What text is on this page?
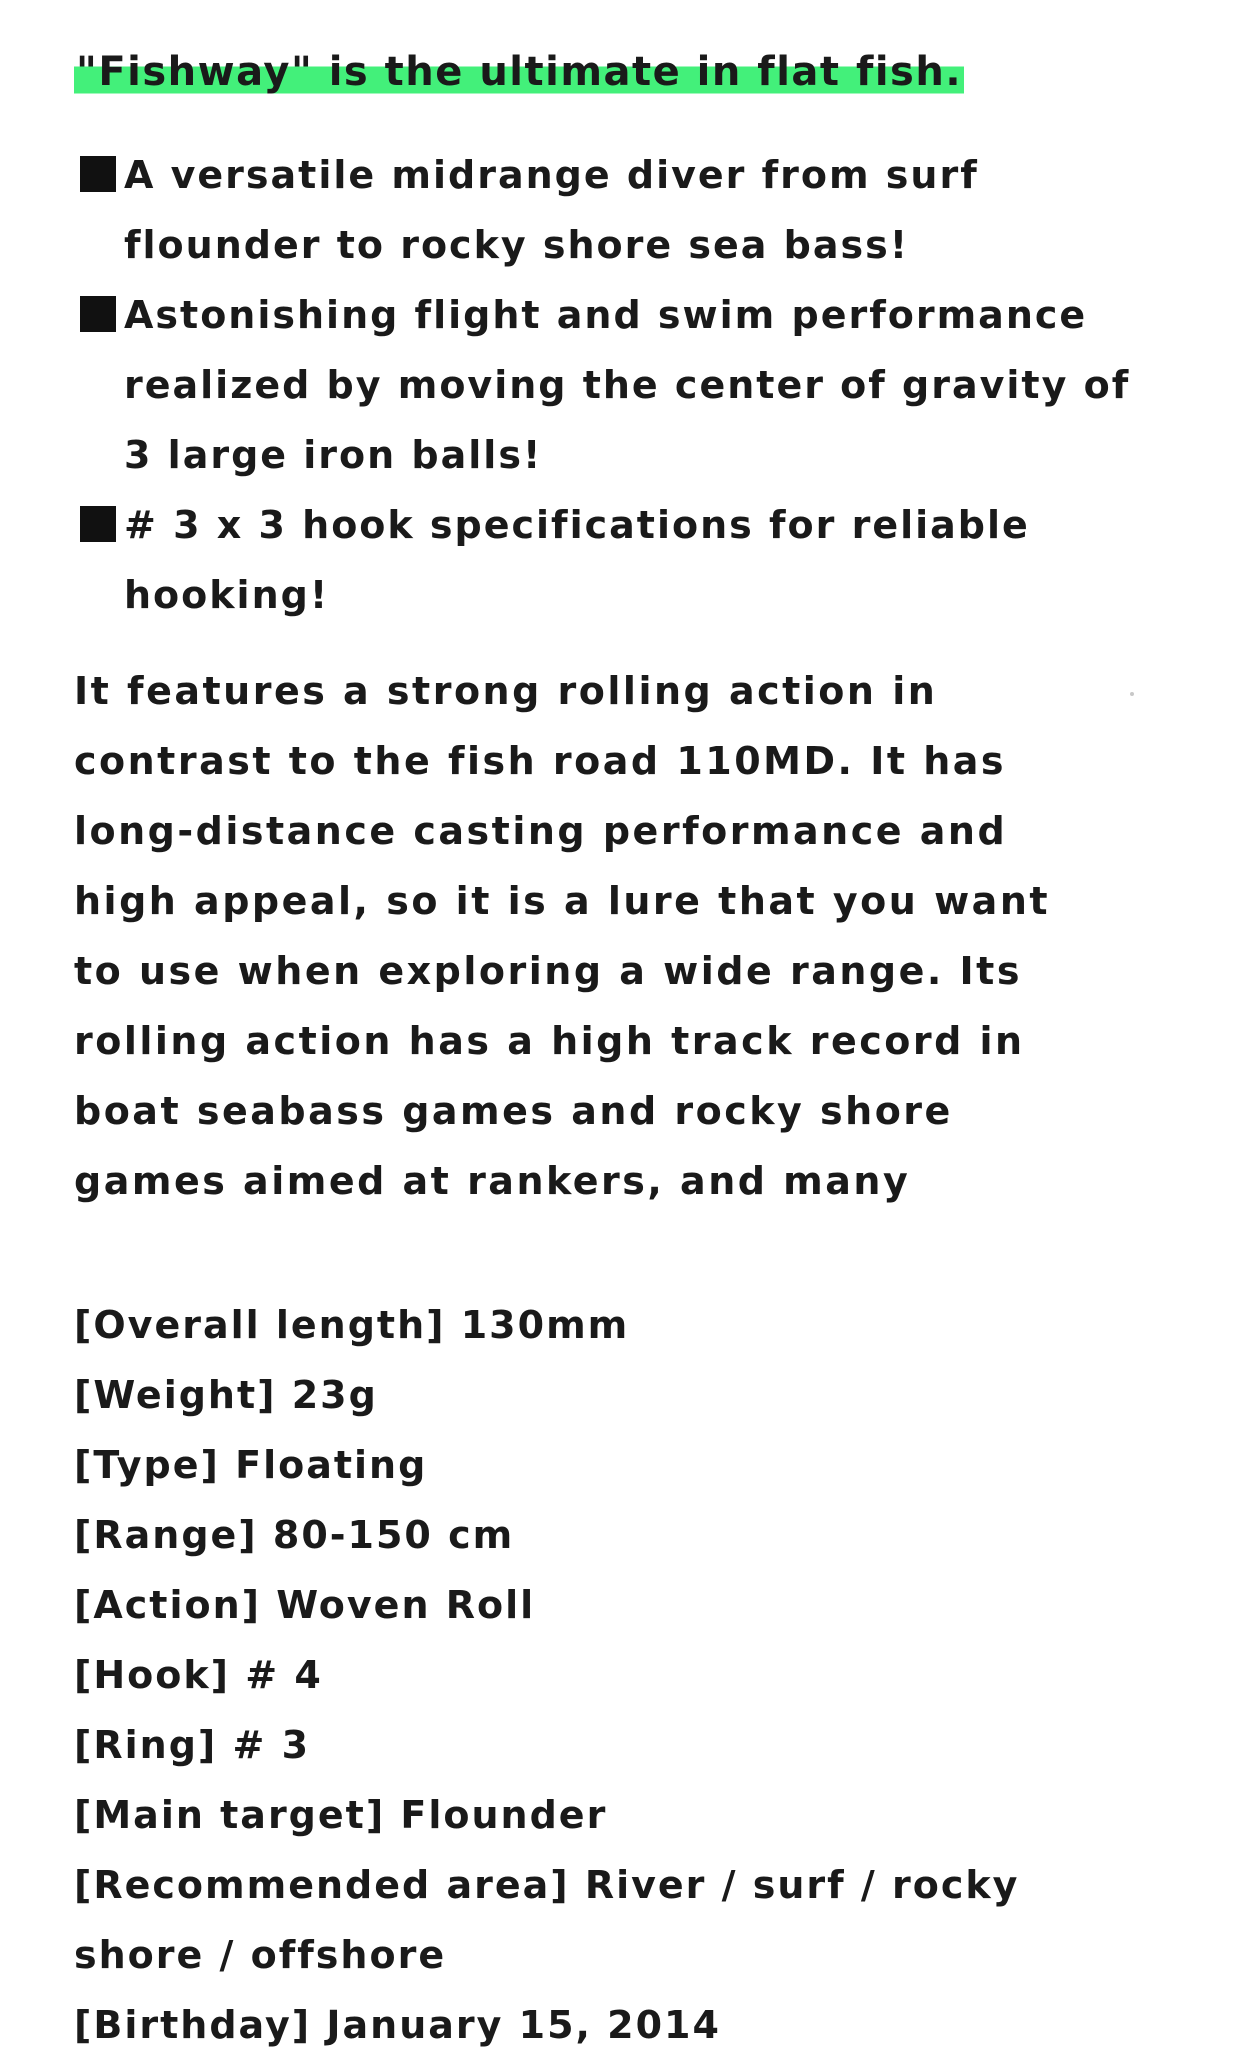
"Fishway" is the ultimate in flat fish.
A versatile midrange diver from surf flounder to rocky shore sea bass!
Astonishing flight and swim performance realized by moving the center of gravity of 3 large iron balls!
# 3 x 3 hook specifications for reliable hooking!

It features a strong rolling action in contrast to the fish road 110MD. It has long-distance casting performance and high appeal, so it is a lure that you want to use when exploring a wide range. Its rolling action has a high track record in boat seabass games and rocky shore games aimed at rankers, and many

[Overall length] 130mm
[Weight] 23g
[Type] Floating
[Range] 80-150 cm
[Action] Woven Roll
[Hook] # 4
[Ring] # 3
[Main target] Flounder
[Recommended area] River / surf / rocky shore / offshore
[Birthday] January 15, 2014
